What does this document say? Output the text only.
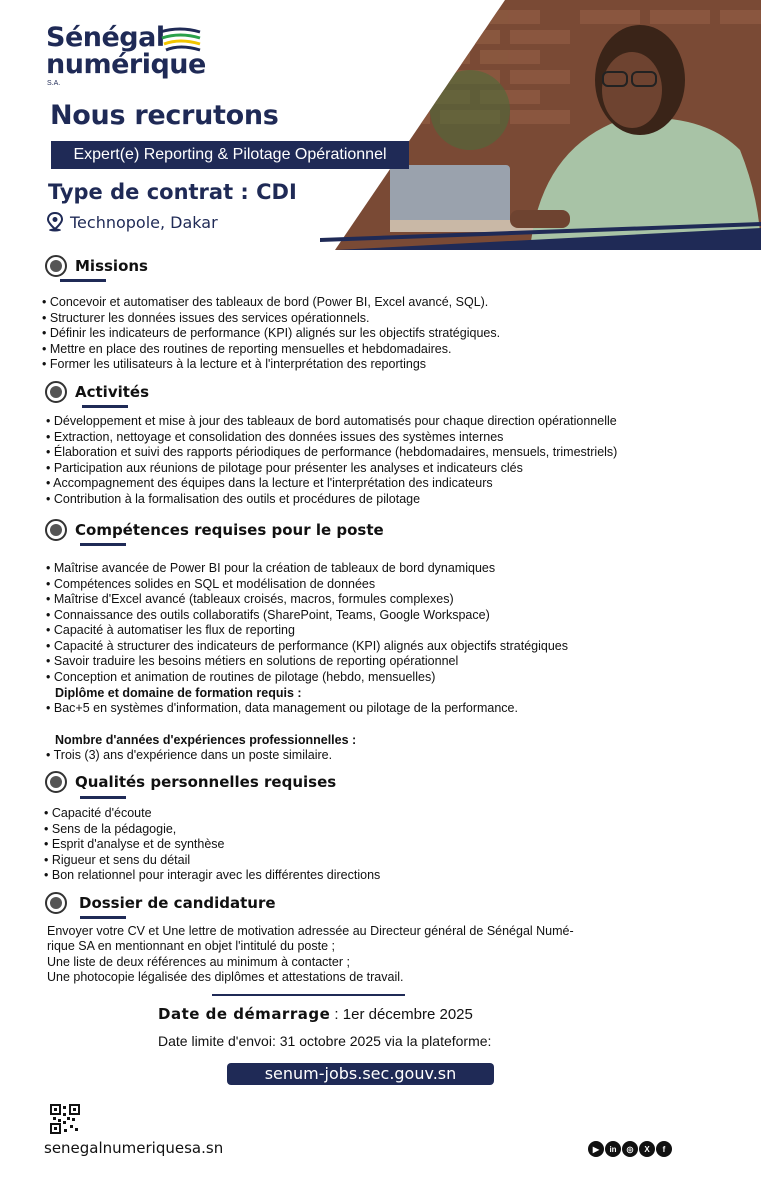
Sénégal
numérique
S.A.
Nous recrutons
Expert(e) Reporting & Pilotage Opérationnel
Type de contrat : CDI
Technopole, Dakar
Missions
• Concevoir et automatiser des tableaux de bord (Power BI, Excel avancé, SQL).
• Structurer les données issues des services opérationnels.
• Définir les indicateurs de performance (KPI) alignés sur les objectifs stratégiques.
• Mettre en place des routines de reporting mensuelles et hebdomadaires.
• Former les utilisateurs à la lecture et à l'interprétation des reportings
Activités
• Développement et mise à jour des tableaux de bord automatisés pour chaque direction opérationnelle
• Extraction, nettoyage et consolidation des données issues des systèmes internes
• Élaboration et suivi des rapports périodiques de performance (hebdomadaires, mensuels, trimestriels)
• Participation aux réunions de pilotage pour présenter les analyses et indicateurs clés
• Accompagnement des équipes dans la lecture et l'interprétation des indicateurs
• Contribution à la formalisation des outils et procédures de pilotage
Compétences requises pour le poste
• Maîtrise avancée de Power BI pour la création de tableaux de bord dynamiques
• Compétences solides en SQL et modélisation de données
• Maîtrise d'Excel avancé (tableaux croisés, macros, formules complexes)
• Connaissance des outils collaboratifs (SharePoint, Teams, Google Workspace)
• Capacité à automatiser les flux de reporting
• Capacité à structurer des indicateurs de performance (KPI) alignés aux objectifs stratégiques
• Savoir traduire les besoins métiers en solutions de reporting opérationnel
• Conception et animation de routines de pilotage (hebdo, mensuelles)
Diplôme et domaine de formation requis :
• Bac+5 en systèmes d'information, data management ou pilotage de la performance.
Nombre d'années d'expériences professionnelles :
• Trois (3) ans d'expérience dans un poste similaire.
Qualités personnelles requises
• Capacité d'écoute
• Sens de la pédagogie,
• Esprit d'analyse et de synthèse
• Rigueur et sens du détail
• Bon relationnel pour interagir avec les différentes directions
Dossier de candidature
Envoyer votre CV et Une lettre de motivation adressée au Directeur général de Sénégal Numé-
rique SA en mentionnant en objet l'intitulé du poste ;
Une liste de deux références au minimum à contacter ;
Une photocopie légalisée des diplômes et attestations de travail.
Date de démarrage : 1er décembre 2025
Date limite d'envoi: 31 octobre 2025 via la plateforme:
senum-jobs.sec.gouv.sn
senegalnumeriquesa.sn	▶	in	◎	X	f
